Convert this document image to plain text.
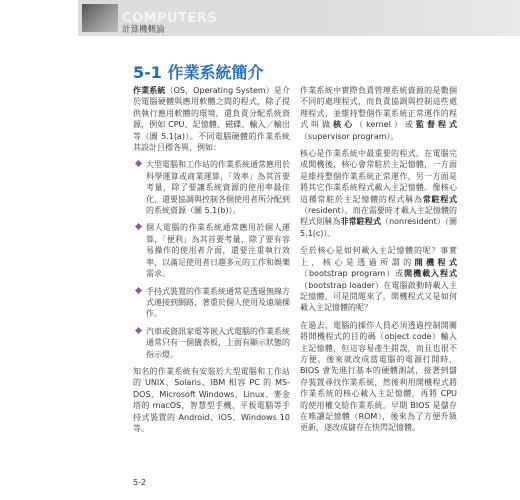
COMPUTERS
計算機概論
5-1 作業系統簡介

作業系統（OS，Operating System）是介於電腦硬體與應用軟體之間的程式，除了提供執行應用軟體的環境，還負責分配系統資源，例如 CPU、記憶體、磁碟、輸入／輸出等（圖 5.1(a)）。不同電腦硬體的作業系統其設計目標各異，例如：

大型電腦和工作站的作業系統通常應用於科學運算或商業運算，「效率」為其首要考量，除了要讓系統資源的使用率最佳化，還要協調與控制各個使用者所分配到的系統資源（圖 5.1(b)）。
個人電腦的作業系統通常應用於個人運算，「便利」為其首要考量，除了要有容易操作的使用者介面，還要注重執行效率，以滿足使用者日趨多元的工作和娛樂需求。
手持式裝置的作業系統通常是透過無線方式連接到網路，著重於個人使用及遠端操作。
汽車或資訊家電等嵌入式電腦的作業系統通常只有一個儀表板，上面有顯示狀態的指示燈。

知名的作業系統有安裝於大型電腦和工作站的 UNIX、Solaris、IBM 相容 PC 的 MS-DOS、Microsoft Windows、Linux、麥金塔的 macOS，智慧型手機、平板電腦等手持式裝置的 Android、iOS、Windows 10 等。

作業系統中實際負責管理系統資源的是數個不同的處理程式，而負責協調與控制這些處理程式，並維持整個作業系統正常運作的程式叫做核心（kernel）或監督程式（supervisor program）。

核心是作業系統中最重要的程式，在電腦完成開機後，核心會常駐於主記憶體，一方面是維持整個作業系統正常運作，另一方面是將其它作業系統程式載入主記憶體。像核心這種常駐於主記憶體的程式稱為常駐程式（resident），而在需要時才載入主記憶體的程式則稱為非常駐程式（nonresident）（圖 5.1(c)）。

至於核心是如何載入主記憶體的呢？事實上，核心是透過所謂的開機程式（bootstrap program）或開機載入程式（bootstrap loader）在電腦啟動時載入主記憶體，可是問題來了，開機程式又是如何載入主記憶體的呢？

在過去，電腦的操作人員必須透過控制開關將開機程式的目的碼（object code）輸入主記憶體，但這容易產生錯誤，而且也很不方便。後來就改成當電腦的電源打開時，BIOS 會先進行基本的硬體測試，接著到儲存裝置尋找作業系統，然後利用開機程式將作業系統的核心載入主記憶體，再將 CPU 的使用權交給作業系統。早期 BIOS 是儲存在唯讀記憶體（ROM），後來為了方便升級更新，遂改成儲存在快閃記憶體。

5-2
